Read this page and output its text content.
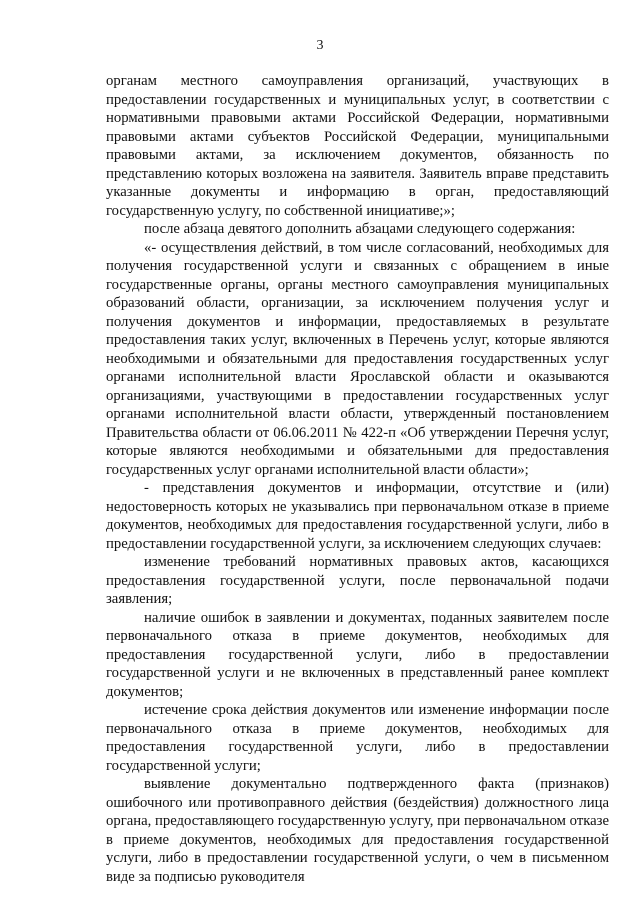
3

органам местного самоуправления организаций, участвующих в предоставлении государственных и муниципальных услуг, в соответствии с нормативными правовыми актами Российской Федерации, нормативными правовыми актами субъектов Российской Федерации, муниципальными правовыми актами, за исключением документов, обязанность по представлению которых возложена на заявителя. Заявитель вправе представить указанные документы и информацию в орган, предоставляющий государственную услугу, по собственной инициативе;»;

после абзаца девятого дополнить абзацами следующего содержания:

«- осуществления действий, в том числе согласований, необходимых для получения государственной услуги и связанных с обращением в иные государственные органы, органы местного самоуправления муниципальных образований области, организации, за исключением получения услуг и получения документов и информации, предоставляемых в результате предоставления таких услуг, включенных в Перечень услуг, которые являются необходимыми и обязательными для предоставления государственных услуг органами исполнительной власти Ярославской области и оказываются организациями, участвующими в предоставлении государственных услуг органами исполнительной власти области, утвержденный постановлением Правительства области от 06.06.2011 № 422-п «Об утверждении Перечня услуг, которые являются необходимыми и обязательными для предоставления государственных услуг органами исполнительной власти области»;

- представления документов и информации, отсутствие и (или) недостоверность которых не указывались при первоначальном отказе в приеме документов, необходимых для предоставления государственной услуги, либо в предоставлении государственной услуги, за исключением следующих случаев:

изменение требований нормативных правовых актов, касающихся предоставления государственной услуги, после первоначальной подачи заявления;

наличие ошибок в заявлении и документах, поданных заявителем после первоначального отказа в приеме документов, необходимых для предоставления государственной услуги, либо в предоставлении государственной услуги и не включенных в представленный ранее комплект документов;

истечение срока действия документов или изменение информации после первоначального отказа в приеме документов, необходимых для предоставления государственной услуги, либо в предоставлении государственной услуги;

выявление документально подтвержденного факта (признаков) ошибочного или противоправного действия (бездействия) должностного лица органа, предоставляющего государственную услугу, при первоначальном отказе в приеме документов, необходимых для предоставления государственной услуги, либо в предоставлении государственной услуги, о чем в письменном виде за подписью руководителя
